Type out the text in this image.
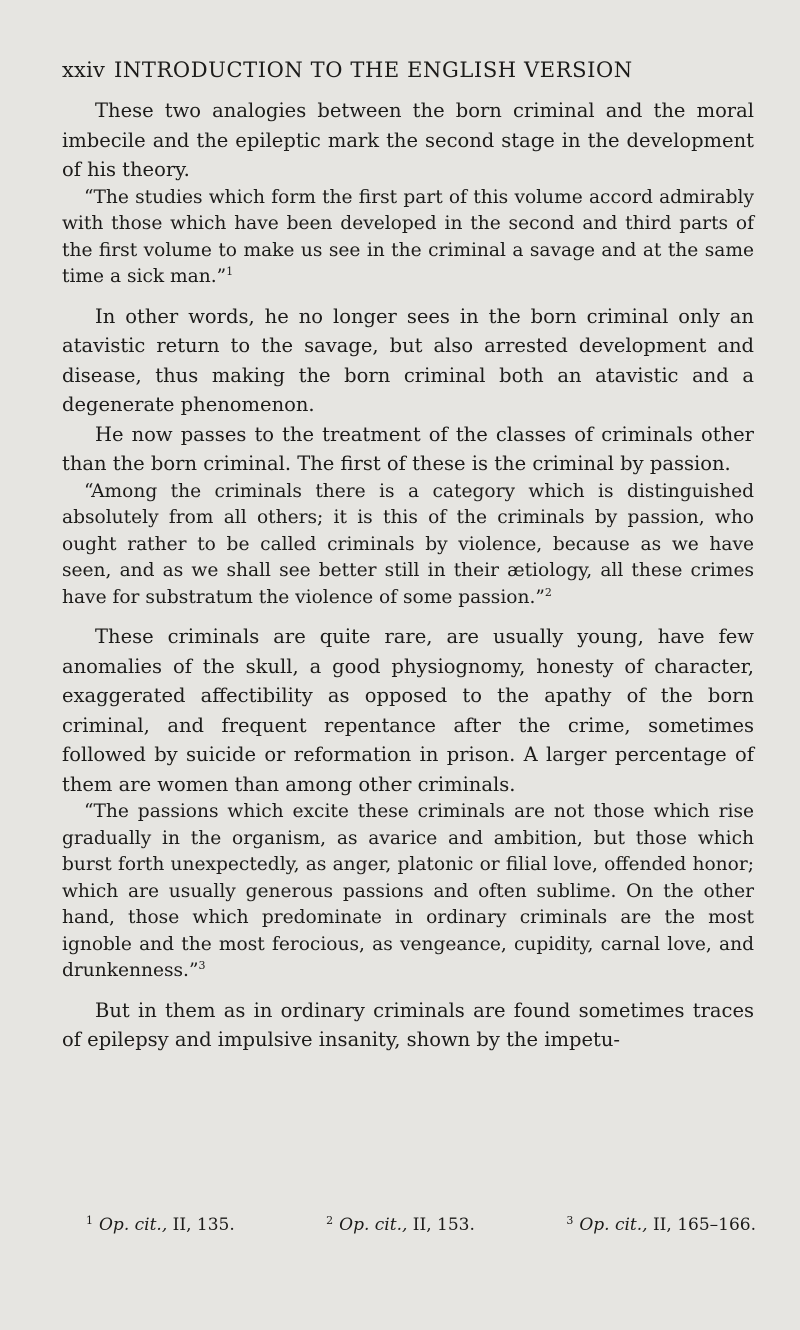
xxiv INTRODUCTION TO THE ENGLISH VERSION

These two analogies between the born criminal and the moral imbecile and the epileptic mark the second stage in the development of his theory.

“The studies which form the first part of this volume accord admirably with those which have been developed in the second and third parts of the first volume to make us see in the criminal a savage and at the same time a sick man.”$^1$

In other words, he no longer sees in the born criminal only an atavistic return to the savage, but also arrested development and disease, thus making the born criminal both an atavistic and a degenerate phenomenon.

He now passes to the treatment of the classes of criminals other than the born criminal. The first of these is the criminal by passion.

“Among the criminals there is a category which is distinguished absolutely from all others; it is this of the criminals by passion, who ought rather to be called criminals by violence, because as we have seen, and as we shall see better still in their ætiology, all these crimes have for substratum the violence of some passion.”$^2$

These criminals are quite rare, are usually young, have few anomalies of the skull, a good physiognomy, honesty of character, exaggerated affectibility as opposed to the apathy of the born criminal, and frequent repentance after the crime, sometimes followed by suicide or reformation in prison. A larger percentage of them are women than among other criminals.

“The passions which excite these criminals are not those which rise gradually in the organism, as avarice and ambition, but those which burst forth unexpectedly, as anger, platonic or filial love, offended honor; which are usually generous passions and often sublime. On the other hand, those which predominate in ordinary criminals are the most ignoble and the most ferocious, as vengeance, cupidity, carnal love, and drunkenness.”$^3$

But in them as in ordinary criminals are found sometimes traces of epilepsy and impulsive insanity, shown by the impetu-

$^1$ Op. cit., II, 135.	$^2$ Op. cit., II, 153.	$^3$ Op. cit., II, 165–166.
